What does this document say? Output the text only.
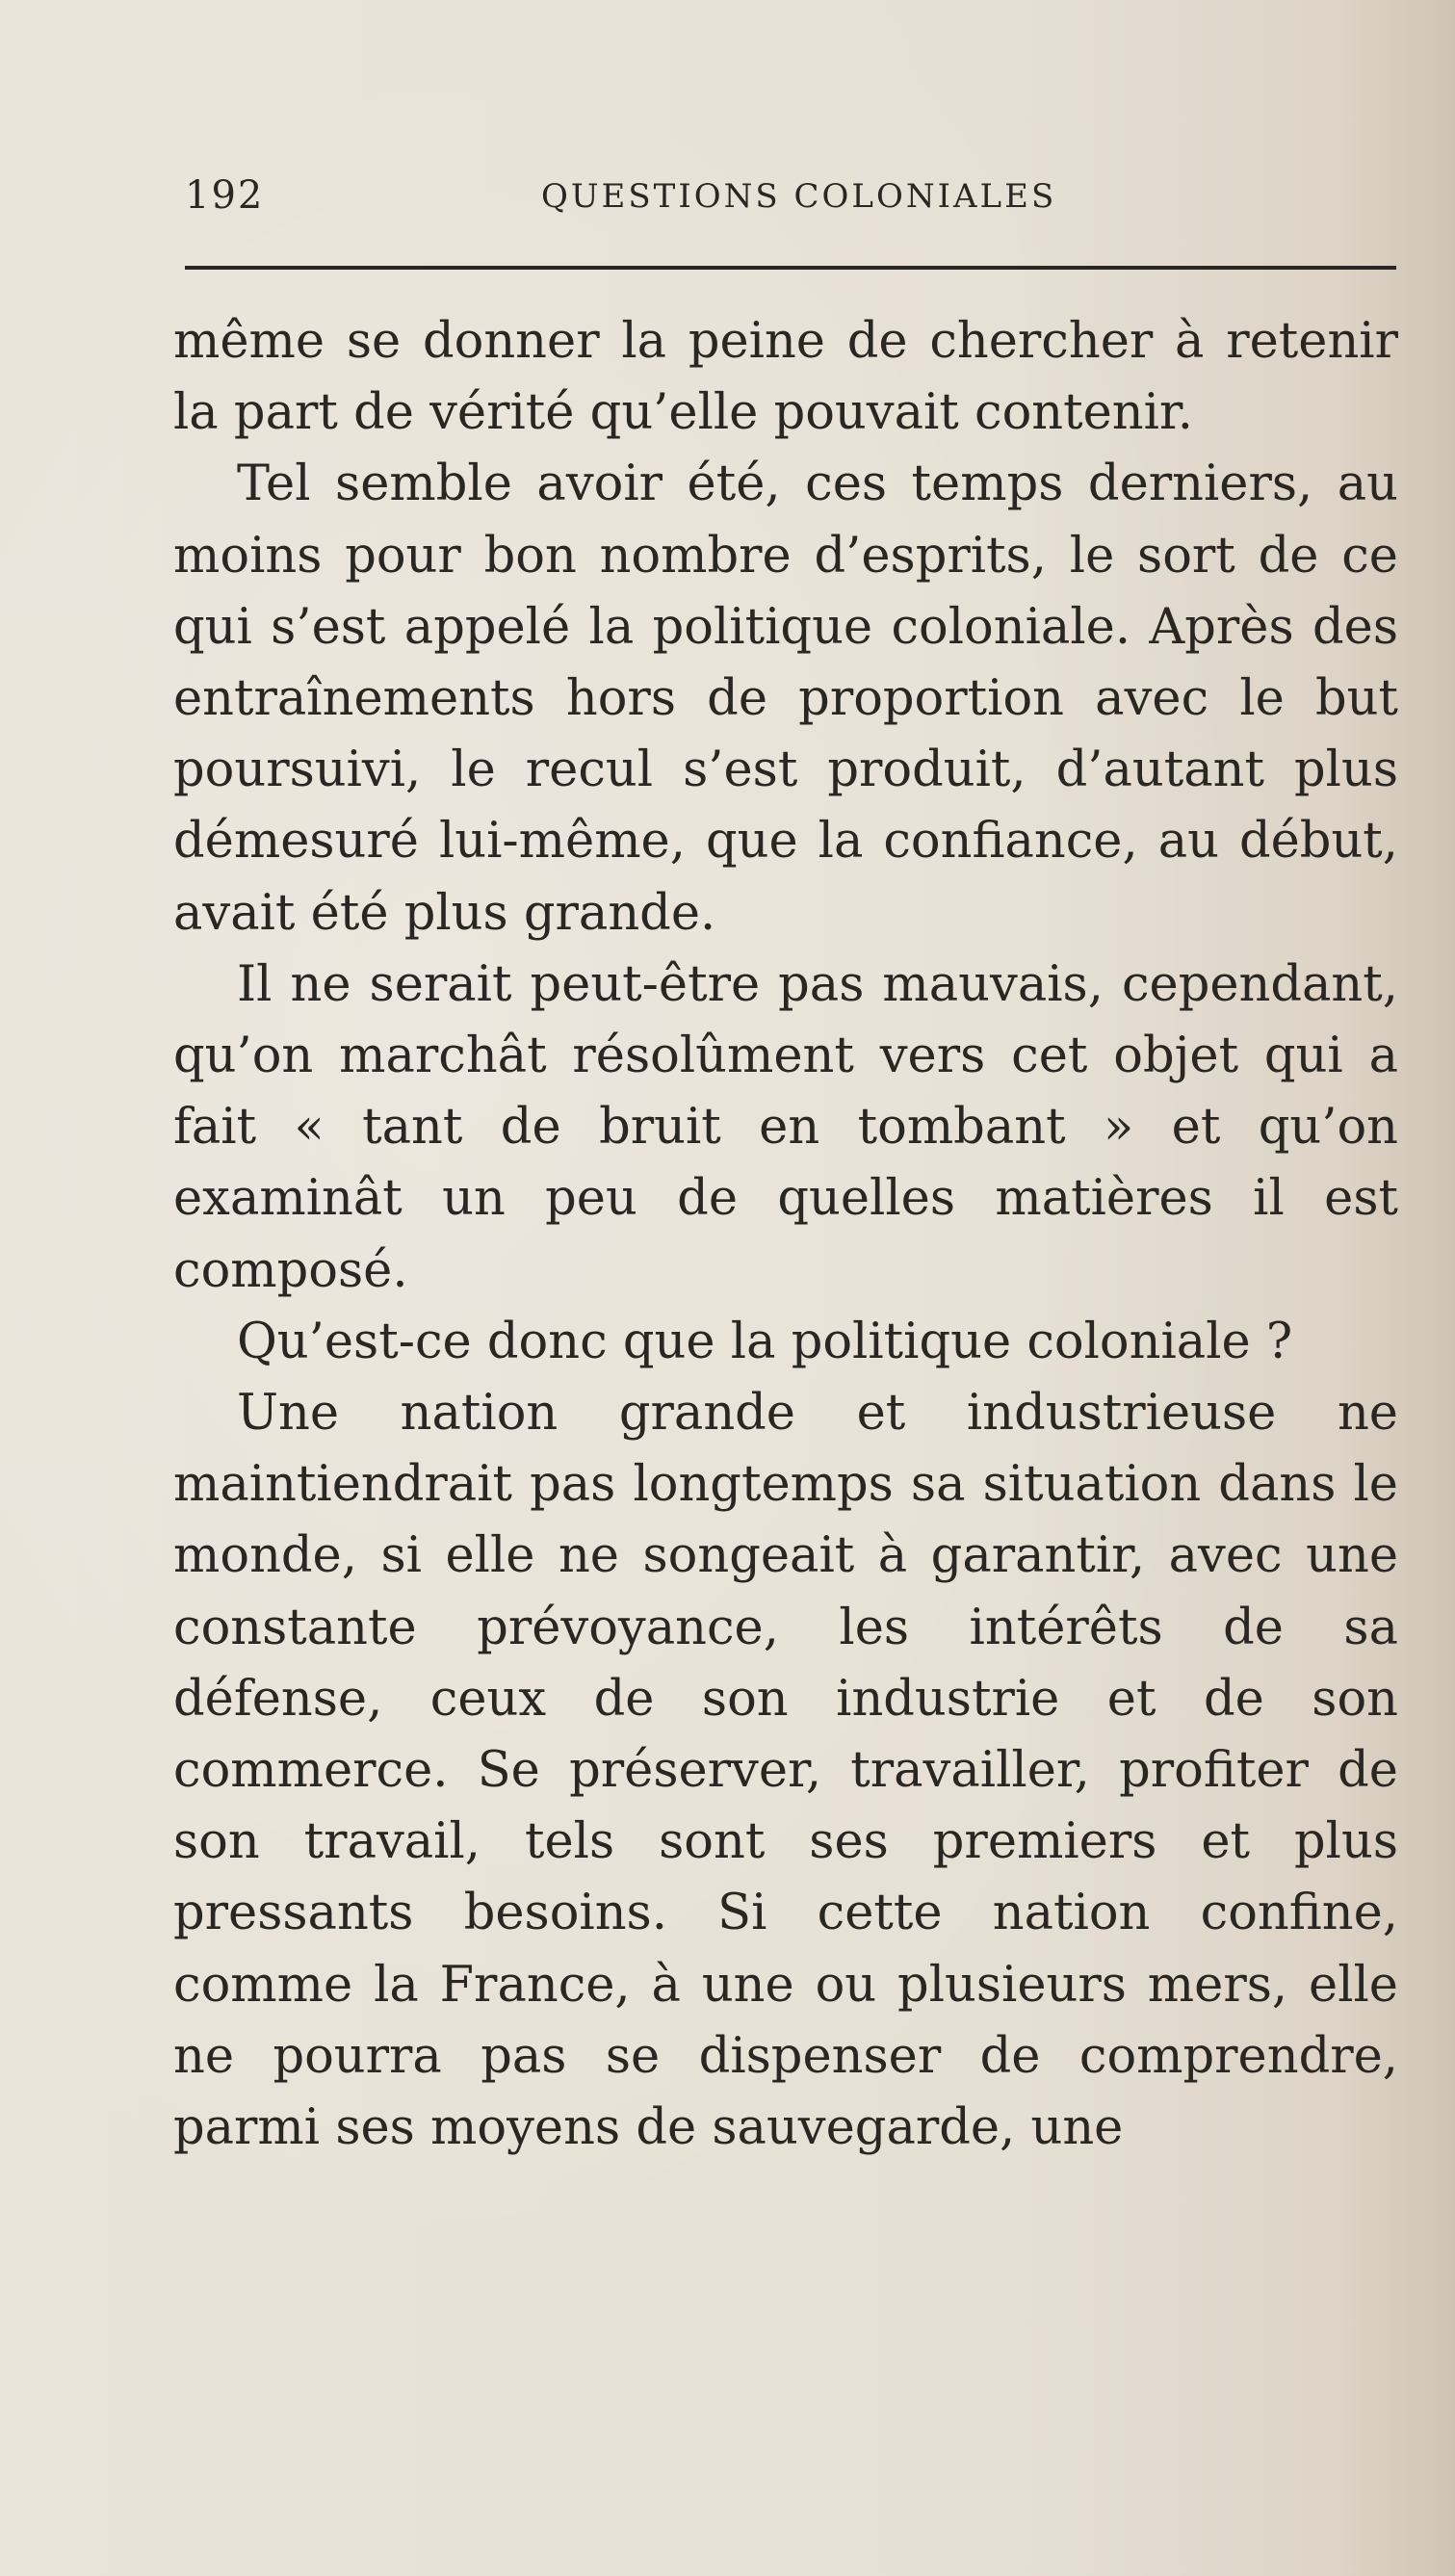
192	QUESTIONS COLONIALES

même se donner la peine de chercher à retenir la part de vérité qu’elle pouvait contenir.

Tel semble avoir été, ces temps derniers, au moins pour bon nombre d’esprits, le sort de ce qui s’est appelé la politique coloniale. Après des entraînements hors de proportion avec le but poursuivi, le recul s’est produit, d’autant plus démesuré lui-même, que la confiance, au début, avait été plus grande.

Il ne serait peut-être pas mauvais, cependant, qu’on marchât résolûment vers cet objet qui a fait « tant de bruit en tombant » et qu’on examinât un peu de quelles matières il est composé.

Qu’est-ce donc que la politique coloniale ?

Une nation grande et industrieuse ne maintiendrait pas longtemps sa situation dans le monde, si elle ne songeait à garantir, avec une constante prévoyance, les intérêts de sa défense, ceux de son industrie et de son commerce. Se préserver, travailler, profiter de son travail, tels sont ses premiers et plus pressants besoins. Si cette nation confine, comme la France, à une ou plusieurs mers, elle ne pourra pas se dispenser de comprendre, parmi ses moyens de sauvegarde, une
